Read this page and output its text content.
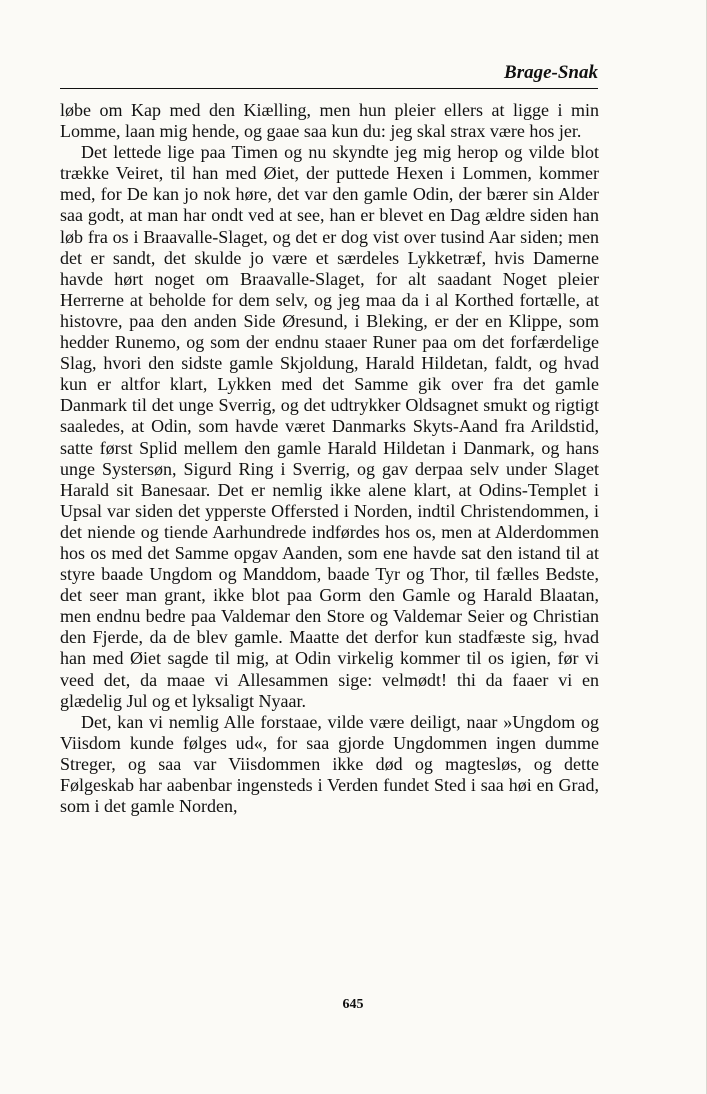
Brage-Snak

løbe om Kap med den Kiælling, men hun pleier ellers at ligge i min Lomme, laan mig hende, og gaae saa kun du: jeg skal strax være hos jer.

Det lettede lige paa Timen og nu skyndte jeg mig herop og vilde blot trække Veiret, til han med Øiet, der puttede Hexen i Lommen, kommer med, for De kan jo nok høre, det var den gamle Odin, der bærer sin Alder saa godt, at man har ondt ved at see, han er blevet en Dag ældre siden han løb fra os i Braavalle-Slaget, og det er dog vist over tusind Aar siden; men det er sandt, det skulde jo være et særdeles Lykketræf, hvis Damerne havde hørt noget om Braavalle-Slaget, for alt saadant Noget pleier Herrerne at beholde for dem selv, og jeg maa da i al Korthed fortælle, at histovre, paa den anden Side Øresund, i Bleking, er der en Klippe, som hedder Runemo, og som der endnu staaer Runer paa om det forfærdelige Slag, hvori den sidste gamle Skjoldung, Harald Hildetan, faldt, og hvad kun er altfor klart, Lykken med det Samme gik over fra det gamle Danmark til det unge Sverrig, og det udtrykker Oldsagnet smukt og rigtigt saaledes, at Odin, som havde været Danmarks Skyts-Aand fra Arildstid, satte først Splid mellem den gamle Harald Hildetan i Danmark, og hans unge Systersøn, Sigurd Ring i Sverrig, og gav derpaa selv under Slaget Harald sit Banesaar. Det er nemlig ikke alene klart, at Odins-Templet i Upsal var siden det ypperste Offersted i Norden, indtil Christendommen, i det niende og tiende Aarhundrede indførdes hos os, men at Alderdommen hos os med det Samme opgav Aanden, som ene havde sat den istand til at styre baade Ungdom og Manddom, baade Tyr og Thor, til fælles Bedste, det seer man grant, ikke blot paa Gorm den Gamle og Harald Blaatan, men endnu bedre paa Valdemar den Store og Valdemar Seier og Christian den Fjerde, da de blev gamle. Maatte det derfor kun stadfæste sig, hvad han med Øiet sagde til mig, at Odin virkelig kommer til os igien, før vi veed det, da maae vi Allesammen sige: velmødt! thi da faaer vi en glædelig Jul og et lyksaligt Nyaar.

Det, kan vi nemlig Alle forstaae, vilde være deiligt, naar »Ungdom og Viisdom kunde følges ud«, for saa gjorde Ungdommen ingen dumme Streger, og saa var Viisdommen ikke død og magtesløs, og dette Følgeskab har aabenbar ingensteds i Verden fundet Sted i saa høi en Grad, som i det gamle Norden,

645
